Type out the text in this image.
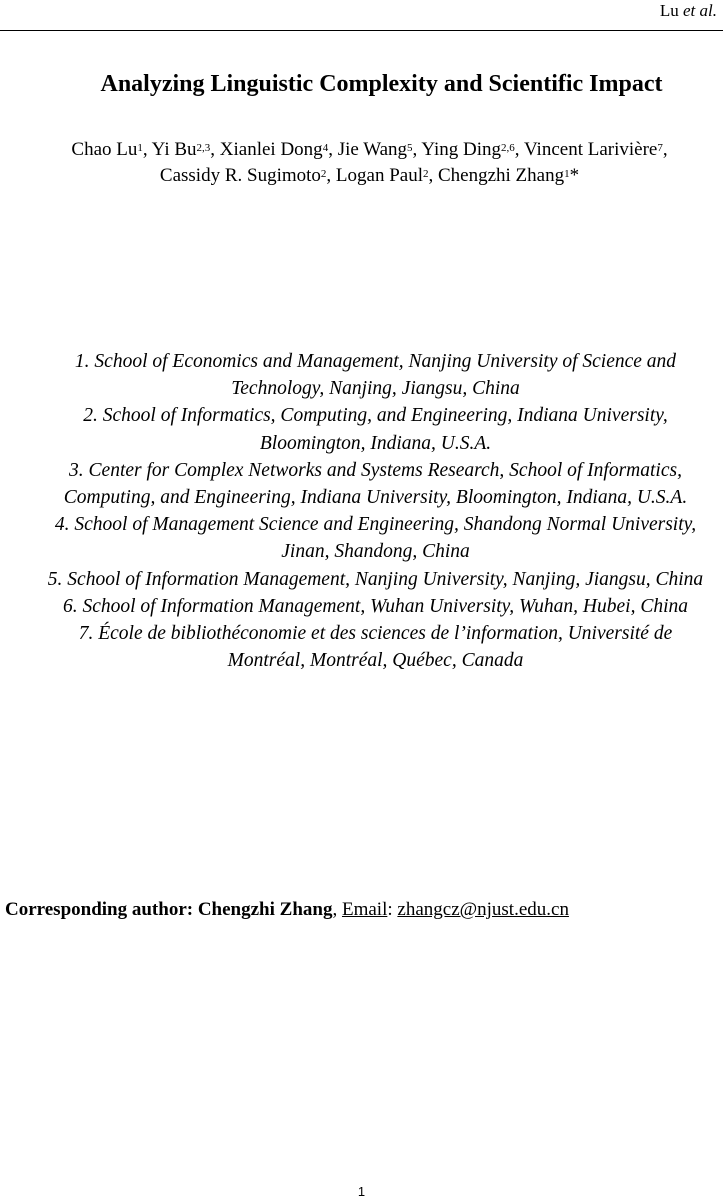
Lu et al.
Analyzing Linguistic Complexity and Scientific Impact
Chao Lu$^1$, Yi Bu$^{2,3}$, Xianlei Dong$^4$, Jie Wang$^5$, Ying Ding$^{2,6}$, Vincent Larivière$^7$,
Cassidy R. Sugimoto$^2$, Logan Paul$^2$, Chengzhi Zhang$^1$*
1. School of Economics and Management, Nanjing University of Science and
Technology, Nanjing, Jiangsu, China
2. School of Informatics, Computing, and Engineering, Indiana University,
Bloomington, Indiana, U.S.A.
3. Center for Complex Networks and Systems Research, School of Informatics,
Computing, and Engineering, Indiana University, Bloomington, Indiana, U.S.A.
4. School of Management Science and Engineering, Shandong Normal University,
Jinan, Shandong, China
5. School of Information Management, Nanjing University, Nanjing, Jiangsu, China
6. School of Information Management, Wuhan University, Wuhan, Hubei, China
7. École de bibliothéconomie et des sciences de l’information, Université de
Montréal, Montréal, Québec, Canada
Corresponding author: Chengzhi Zhang, Email: zhangcz@njust.edu.cn
1
